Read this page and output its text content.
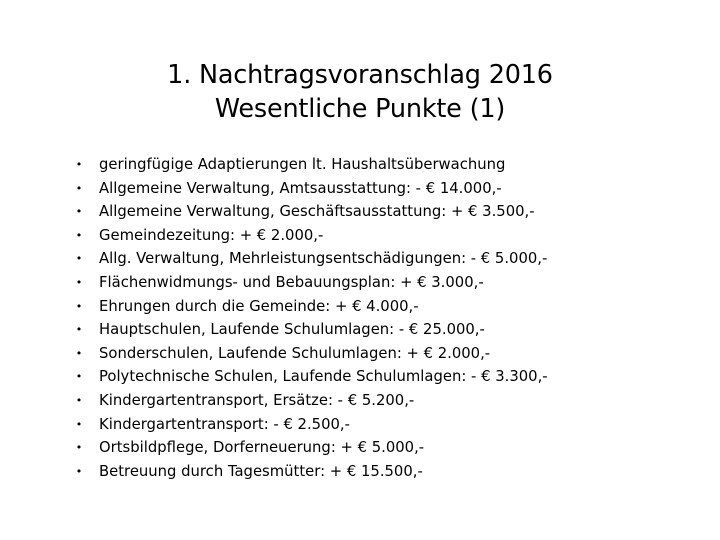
1. Nachtragsvoranschlag 2016
Wesentliche Punkte (1)
• geringfügige Adaptierungen lt. Haushaltsüberwachung
• Allgemeine Verwaltung, Amtsausstattung: - € 14.000,-
• Allgemeine Verwaltung, Geschäftsausstattung: + € 3.500,-
• Gemeindezeitung: + € 2.000,-
• Allg. Verwaltung, Mehrleistungsentschädigungen: - € 5.000,-
• Flächenwidmungs- und Bebauungsplan: + € 3.000,-
• Ehrungen durch die Gemeinde: + € 4.000,-
• Hauptschulen, Laufende Schulumlagen: - € 25.000,-
• Sonderschulen, Laufende Schulumlagen: + € 2.000,-
• Polytechnische Schulen, Laufende Schulumlagen: - € 3.300,-
• Kindergartentransport, Ersätze: - € 5.200,-
• Kindergartentransport: - € 2.500,-
• Ortsbildpflege, Dorferneuerung: + € 5.000,-
• Betreuung durch Tagesmütter: + € 15.500,-
